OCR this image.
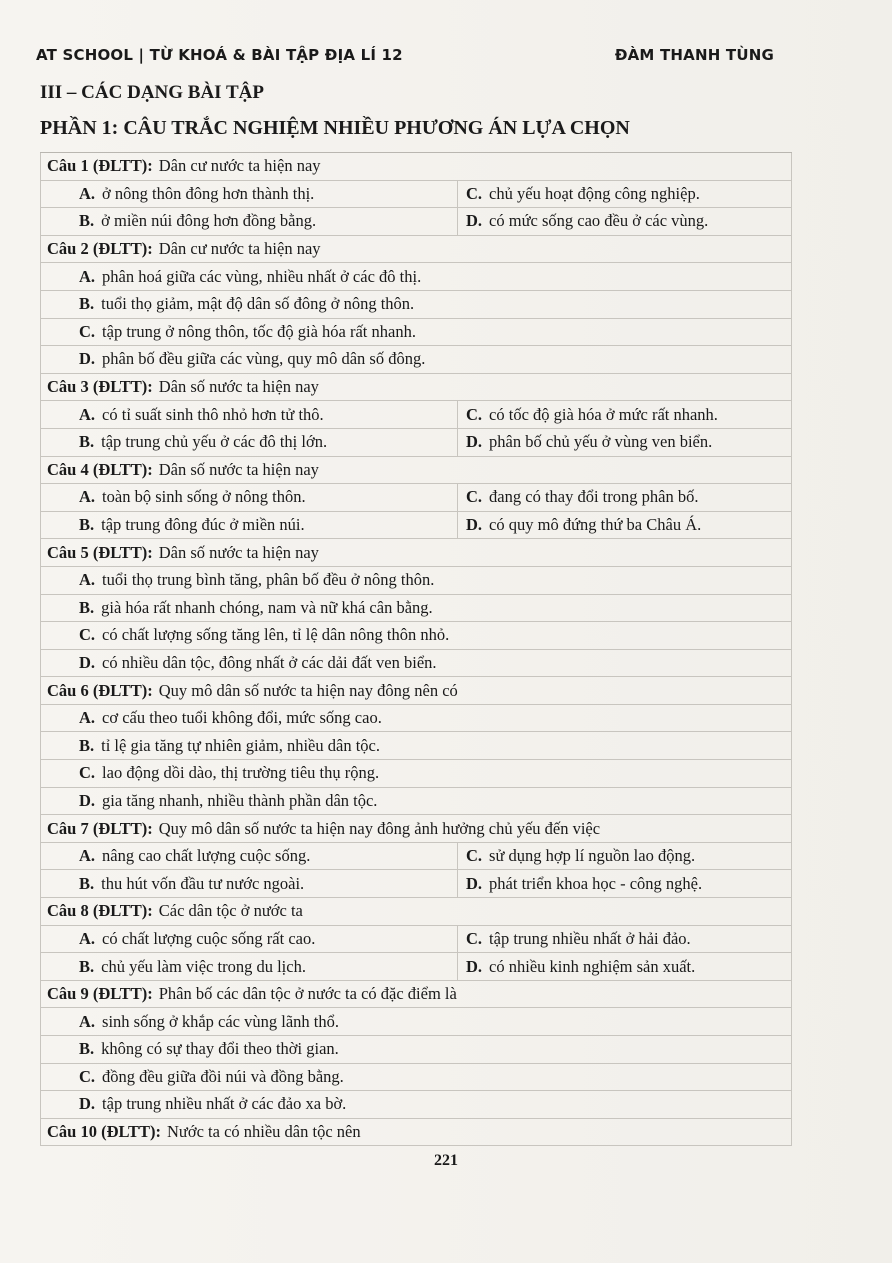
AT SCHOOL | TỪ KHOÁ & BÀI TẬP ĐỊA LÍ 12	ĐÀM THANH TÙNG
III – CÁC DẠNG BÀI TẬP
PHẦN 1: CÂU TRẮC NGHIỆM NHIỀU PHƯƠNG ÁN LỰA CHỌN
Câu 1 (ĐLTT): Dân cư nước ta hiện nay
A. ở nông thôn đông hơn thành thị.	C. chủ yếu hoạt động công nghiệp.
B. ở miền núi đông hơn đồng bằng.	D. có mức sống cao đều ở các vùng.
Câu 2 (ĐLTT): Dân cư nước ta hiện nay
A. phân hoá giữa các vùng, nhiều nhất ở các đô thị.
B. tuổi thọ giảm, mật độ dân số đông ở nông thôn.
C. tập trung ở nông thôn, tốc độ già hóa rất nhanh.
D. phân bố đều giữa các vùng, quy mô dân số đông.
Câu 3 (ĐLTT): Dân số nước ta hiện nay
A. có tỉ suất sinh thô nhỏ hơn tử thô.	C. có tốc độ già hóa ở mức rất nhanh.
B. tập trung chủ yếu ở các đô thị lớn.	D. phân bố chủ yếu ở vùng ven biển.
Câu 4 (ĐLTT): Dân số nước ta hiện nay
A. toàn bộ sinh sống ở nông thôn.	C. đang có thay đổi trong phân bố.
B. tập trung đông đúc ở miền núi.	D. có quy mô đứng thứ ba Châu Á.
Câu 5 (ĐLTT): Dân số nước ta hiện nay
A. tuổi thọ trung bình tăng, phân bố đều ở nông thôn.
B. già hóa rất nhanh chóng, nam và nữ khá cân bằng.
C. có chất lượng sống tăng lên, tỉ lệ dân nông thôn nhỏ.
D. có nhiều dân tộc, đông nhất ở các dải đất ven biển.
Câu 6 (ĐLTT): Quy mô dân số nước ta hiện nay đông nên có
A. cơ cấu theo tuổi không đổi, mức sống cao.
B. tỉ lệ gia tăng tự nhiên giảm, nhiều dân tộc.
C. lao động dồi dào, thị trường tiêu thụ rộng.
D. gia tăng nhanh, nhiều thành phần dân tộc.
Câu 7 (ĐLTT): Quy mô dân số nước ta hiện nay đông ảnh hưởng chủ yếu đến việc
A. nâng cao chất lượng cuộc sống.	C. sử dụng hợp lí nguồn lao động.
B. thu hút vốn đầu tư nước ngoài.	D. phát triển khoa học - công nghệ.
Câu 8 (ĐLTT): Các dân tộc ở nước ta
A. có chất lượng cuộc sống rất cao.	C. tập trung nhiều nhất ở hải đảo.
B. chủ yếu làm việc trong du lịch.	D. có nhiều kinh nghiệm sản xuất.
Câu 9 (ĐLTT): Phân bố các dân tộc ở nước ta có đặc điểm là
A. sinh sống ở khắp các vùng lãnh thổ.
B. không có sự thay đổi theo thời gian.
C. đồng đều giữa đồi núi và đồng bằng.
D. tập trung nhiều nhất ở các đảo xa bờ.
Câu 10 (ĐLTT): Nước ta có nhiều dân tộc nên
221
